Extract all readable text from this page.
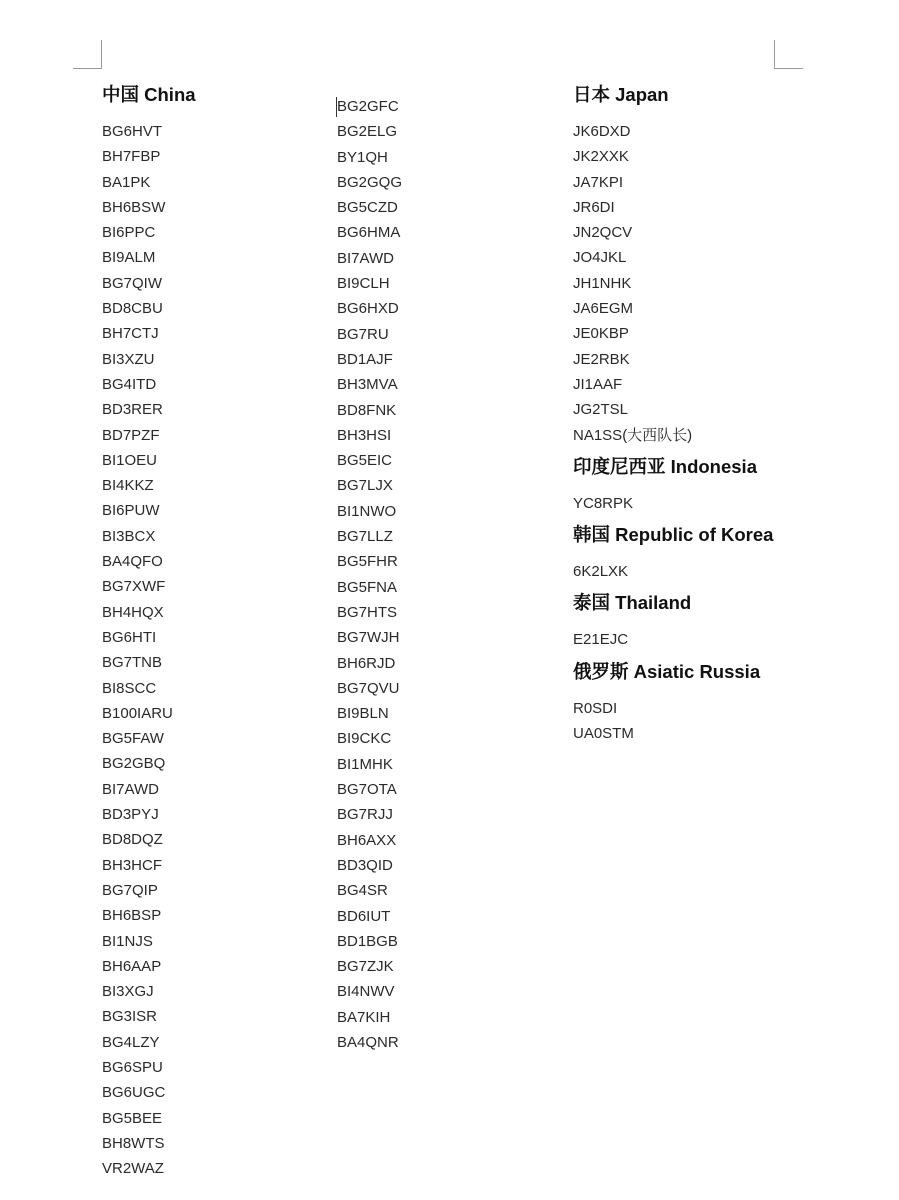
中国 China
BG6HVT
BH7FBP
BA1PK
BH6BSW
BI6PPC
BI9ALM
BG7QIW
BD8CBU
BH7CTJ
BI3XZU
BG4ITD
BD3RER
BD7PZF
BI1OEU
BI4KKZ
BI6PUW
BI3BCX
BA4QFO
BG7XWF
BH4HQX
BG6HTI
BG7TNB
BI8SCC
B100IARU
BG5FAW
BG2GBQ
BI7AWD
BD3PYJ
BD8DQZ
BH3HCF
BG7QIP
BH6BSP
BI1NJS
BH6AAP
BI3XGJ
BG3ISR
BG4LZY
BG6SPU
BG6UGC
BG5BEE
BH8WTS
VR2WAZ
BG2GFC
BG2ELG
BY1QH
BG2GQG
BG5CZD
BG6HMA
BI7AWD
BI9CLH
BG6HXD
BG7RU
BD1AJF
BH3MVA
BD8FNK
BH3HSI
BG5EIC
BG7LJX
BI1NWO
BG7LLZ
BG5FHR
BG5FNA
BG7HTS
BG7WJH
BH6RJD
BG7QVU
BI9BLN
BI9CKC
BI1MHK
BG7OTA
BG7RJJ
BH6AXX
BD3QID
BG4SR
BD6IUT
BD1BGB
BG7ZJK
BI4NWV
BA7KIH
BA4QNR
日本 Japan
JK6DXD
JK2XXK
JA7KPI
JR6DI
JN2QCV
JO4JKL
JH1NHK
JA6EGM
JE0KBP
JE2RBK
JI1AAF
JG2TSL
NA1SS(大西队长)
印度尼西亚 Indonesia
YC8RPK
韩国 Republic of Korea
6K2LXK
泰国 Thailand
E21EJC
俄罗斯 Asiatic Russia
R0SDI
UA0STM
